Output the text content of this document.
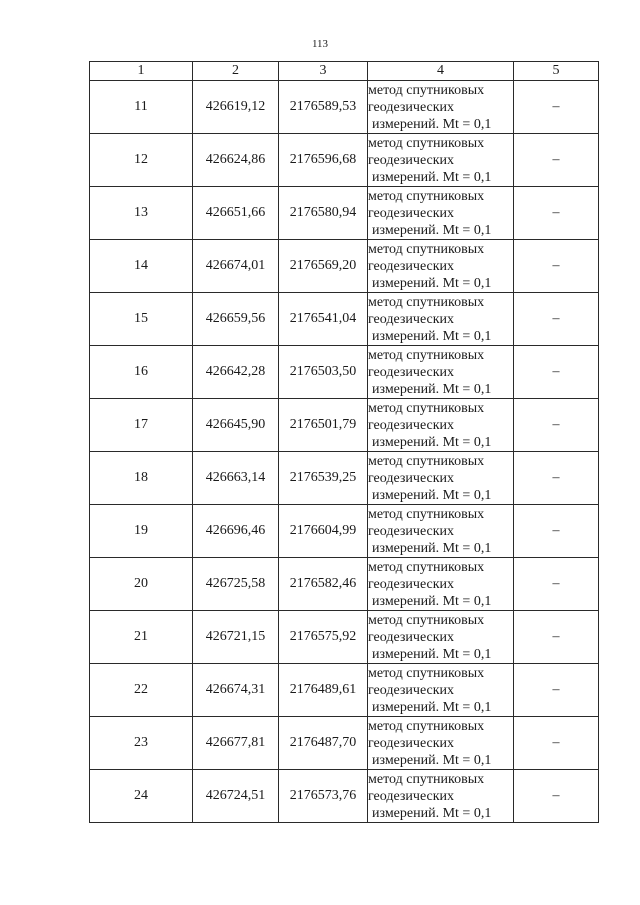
113
1	2	3	4	5
11	426619,12	2176589,53	метод спутниковых
геодезических
измерений. Mt = 0,1	–
12	426624,86	2176596,68	метод спутниковых
геодезических
измерений. Mt = 0,1	–
13	426651,66	2176580,94	метод спутниковых
геодезических
измерений. Mt = 0,1	–
14	426674,01	2176569,20	метод спутниковых
геодезических
измерений. Mt = 0,1	–
15	426659,56	2176541,04	метод спутниковых
геодезических
измерений. Mt = 0,1	–
16	426642,28	2176503,50	метод спутниковых
геодезических
измерений. Mt = 0,1	–
17	426645,90	2176501,79	метод спутниковых
геодезических
измерений. Mt = 0,1	–
18	426663,14	2176539,25	метод спутниковых
геодезических
измерений. Mt = 0,1	–
19	426696,46	2176604,99	метод спутниковых
геодезических
измерений. Mt = 0,1	–
20	426725,58	2176582,46	метод спутниковых
геодезических
измерений. Mt = 0,1	–
21	426721,15	2176575,92	метод спутниковых
геодезических
измерений. Mt = 0,1	–
22	426674,31	2176489,61	метод спутниковых
геодезических
измерений. Mt = 0,1	–
23	426677,81	2176487,70	метод спутниковых
геодезических
измерений. Mt = 0,1	–
24	426724,51	2176573,76	метод спутниковых
геодезических
измерений. Mt = 0,1	–
